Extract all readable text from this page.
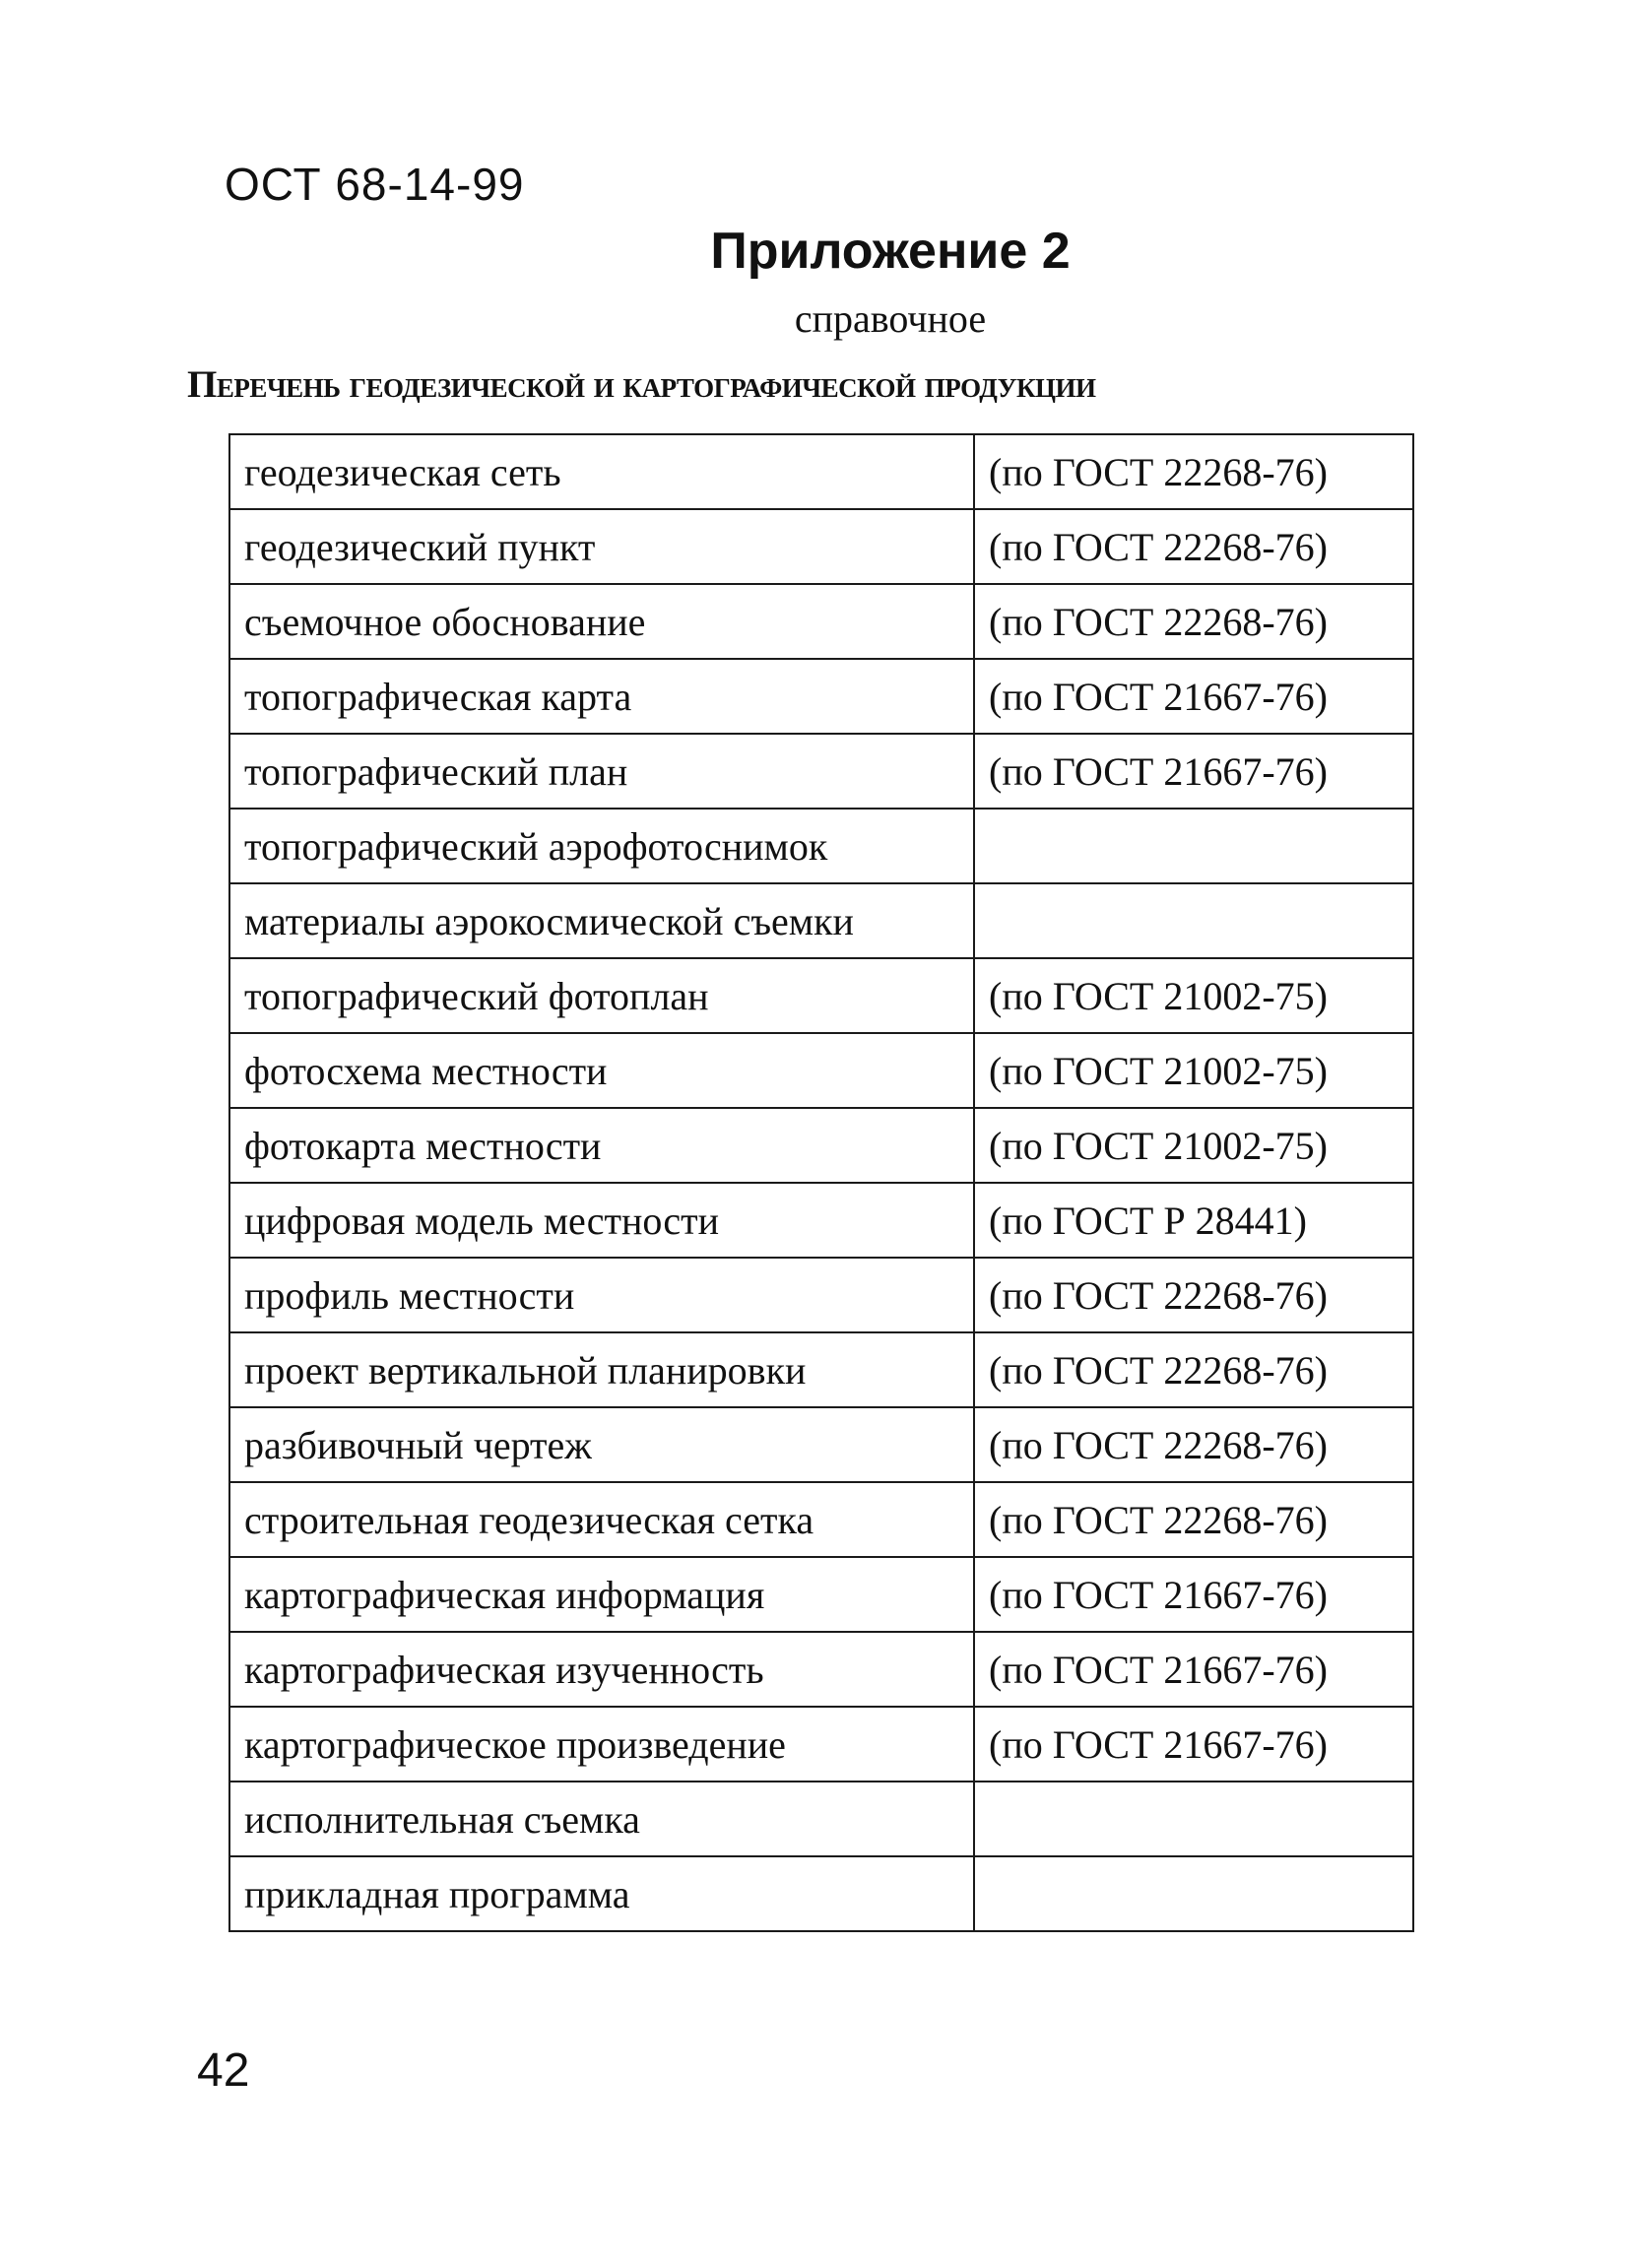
ОСТ 68-14-99
Приложение 2
справочное
Перечень геодезической и картографической продукции
геодезическая сеть	(по ГОСТ 22268-76)
геодезический пункт	(по ГОСТ 22268-76)
съемочное обоснование	(по ГОСТ 22268-76)
топографическая карта	(по ГОСТ 21667-76)
топографический план	(по ГОСТ 21667-76)
топографический аэрофотоснимок	
материалы аэрокосмической съемки	
топографический фотоплан	(по ГОСТ 21002-75)
фотосхема местности	(по ГОСТ 21002-75)
фотокарта местности	(по ГОСТ 21002-75)
цифровая модель местности	(по ГОСТ Р 28441)
профиль местности	(по ГОСТ 22268-76)
проект вертикальной планировки	(по ГОСТ 22268-76)
разбивочный чертеж	(по ГОСТ 22268-76)
строительная геодезическая сетка	(по ГОСТ 22268-76)
картографическая информация	(по ГОСТ 21667-76)
картографическая изученность	(по ГОСТ 21667-76)
картографическое произведение	(по ГОСТ 21667-76)
исполнительная съемка	
прикладная программа	
42
